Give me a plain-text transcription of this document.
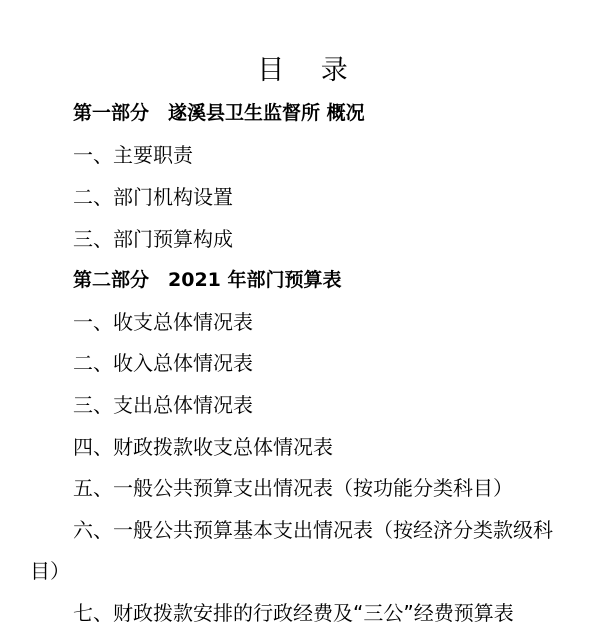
目 录
第一部分　遂溪县卫生监督所 概况
一、主要职责
二、部门机构设置
三、部门预算构成
第二部分　2021 年部门预算表
一、收支总体情况表
二、收入总体情况表
三、支出总体情况表
四、财政拨款收支总体情况表
五、一般公共预算支出情况表（按功能分类科目）
六、一般公共预算基本支出情况表（按经济分类款级科
目）
七、财政拨款安排的行政经费及“三公”经费预算表
